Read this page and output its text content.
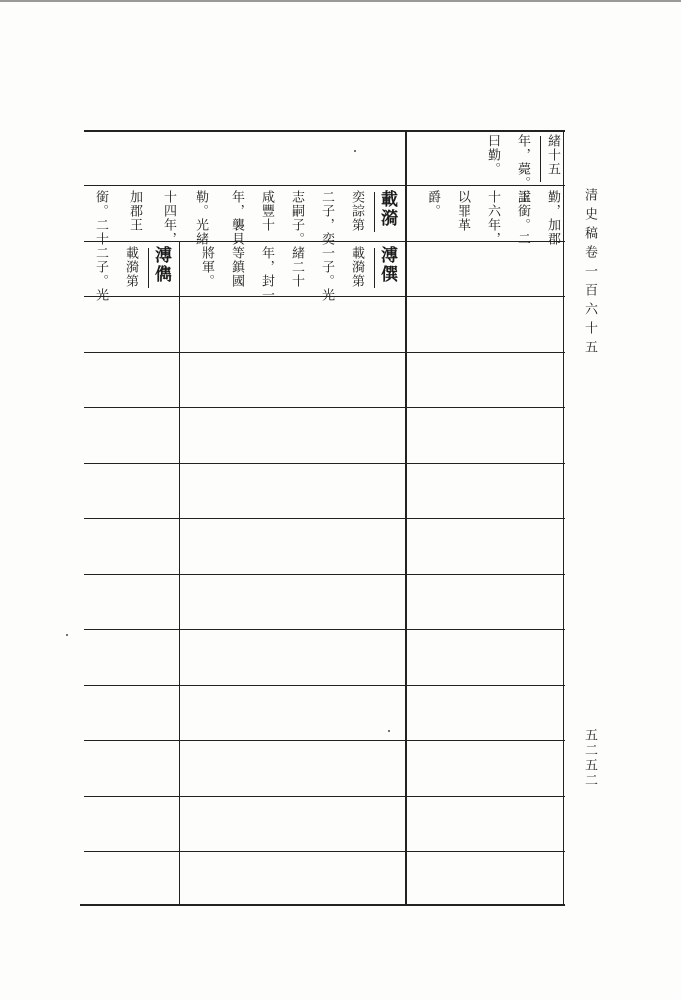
清史稿卷一百六十五
五二五二
緒十五
年，薨。諡
曰勤。
勤，加郡
王銜。二
十六年，
以罪革
爵。
載漪
奕誴第
二子，奕
志嗣子。
咸豐十
年，襲貝
勒。光緒
十四年，
加郡王
銜。二十
溥僎
載漪第
一子。光
緒二十
年，封一
等鎮國
將軍。
溥儁
載漪第
二子。光
